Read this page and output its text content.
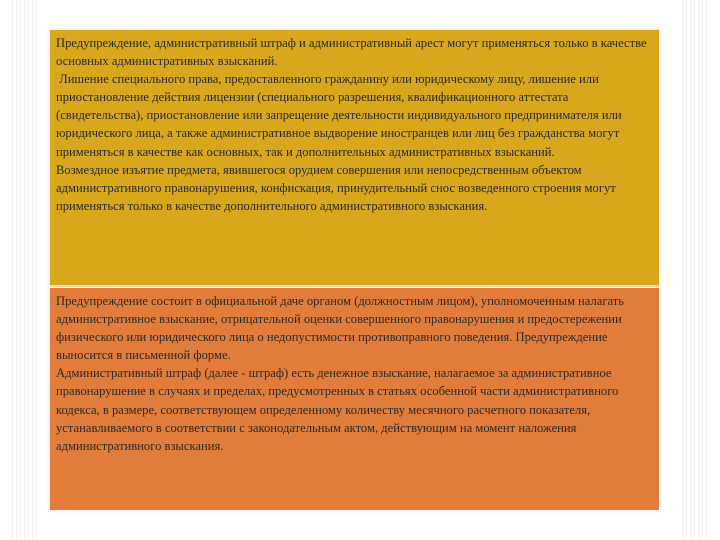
Предупреждение, административный штраф и административный арест могут применяться только в качестве основных административных взысканий.

Лишение специального права, предоставленного гражданину или юридическому лицу, лишение или приостановление действия лицензии (специального разрешения, квалификационного аттестата (свидетельства), приостановление или запрещение деятельности индивидуального предпринимателя или юридического лица, а также административное выдворение иностранцев или лиц без гражданства могут применяться в качестве как основных, так и дополнительных административных взысканий.

Возмездное изъятие предмета, явившегося орудием совершения или непосредственным объектом административного правонарушения, конфискация, принудительный снос возведенного строения могут применяться только в качестве дополнительного административного взыскания.

Предупреждение состоит в официальной даче органом (должностным лицом), уполномоченным налагать административное взыскание, отрицательной оценки совершенного правонарушения и предостережении физического или юридического лица о недопустимости противоправного поведения. Предупреждение выносится в письменной форме.

Административный штраф (далее - штраф) есть денежное взыскание, налагаемое за административное правонарушение в случаях и пределах, предусмотренных в статьях особенной части административного кодекса, в размере, соответствующем определенному количеству месячного расчетного показателя, устанавливаемого в соответствии с законодательным актом, действующим на момент наложения административного взыскания.
